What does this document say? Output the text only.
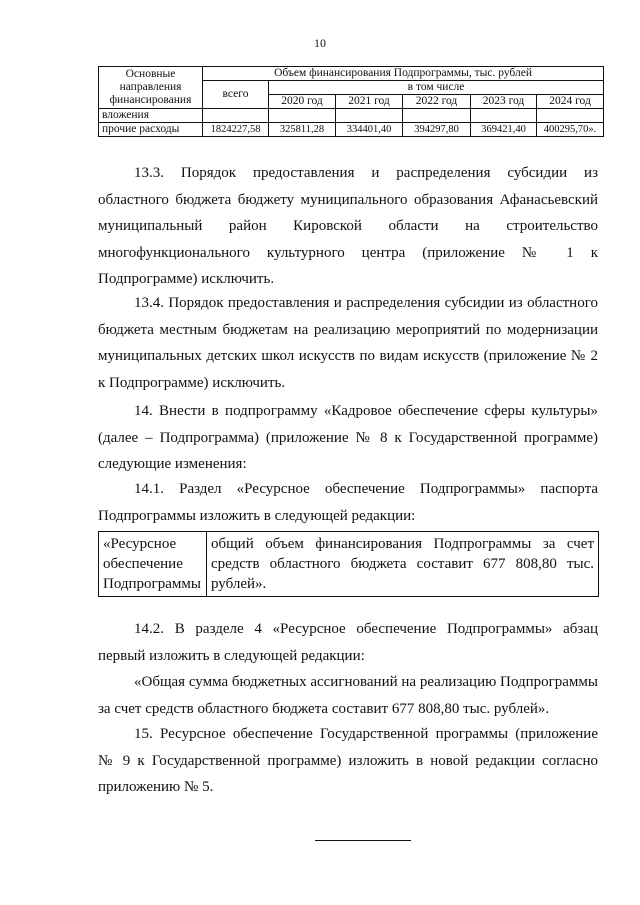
10
Основные
направления
финансирования	Объем финансирования Подпрограммы, тыс. рублей					
	всего	в том числе				
		2020 год	2021 год	2022 год	2023 год	2024 год
вложения						
прочие расходы	1824227,58	325811,28	334401,40	394297,80	369421,40	400295,70».
13.3. Порядок предоставления и распределения субсидии из
областного бюджета бюджету муниципального образования Афанасьевский
муниципальный район Кировской области на строительство
многофункционального культурного центра (приложение № 1 к
Подпрограмме) исключить.
13.4. Порядок предоставления и распределения субсидии из областного
бюджета местным бюджетам на реализацию мероприятий по модернизации
муниципальных детских школ искусств по видам искусств (приложение № 2
к Подпрограмме) исключить.
14. Внести в подпрограмму «Кадровое обеспечение сферы культуры»
(далее – Подпрограмма) (приложение № 8 к Государственной программе)
следующие изменения:
14.1. Раздел «Ресурсное обеспечение Подпрограммы» паспорта
Подпрограммы изложить в следующей редакции:
«Ресурсное
обеспечение
Подпрограммы	общий объем финансирования Подпрограммы за счет средств областного бюджета составит 677 808,80 тыс. рублей».
14.2. В разделе 4 «Ресурсное обеспечение Подпрограммы» абзац
первый изложить в следующей редакции:
«Общая сумма бюджетных ассигнований на реализацию Подпрограммы
за счет средств областного бюджета составит 677 808,80 тыс. рублей».
15. Ресурсное обеспечение Государственной программы (приложение
№ 9 к Государственной программе) изложить в новой редакции согласно
приложению № 5.
